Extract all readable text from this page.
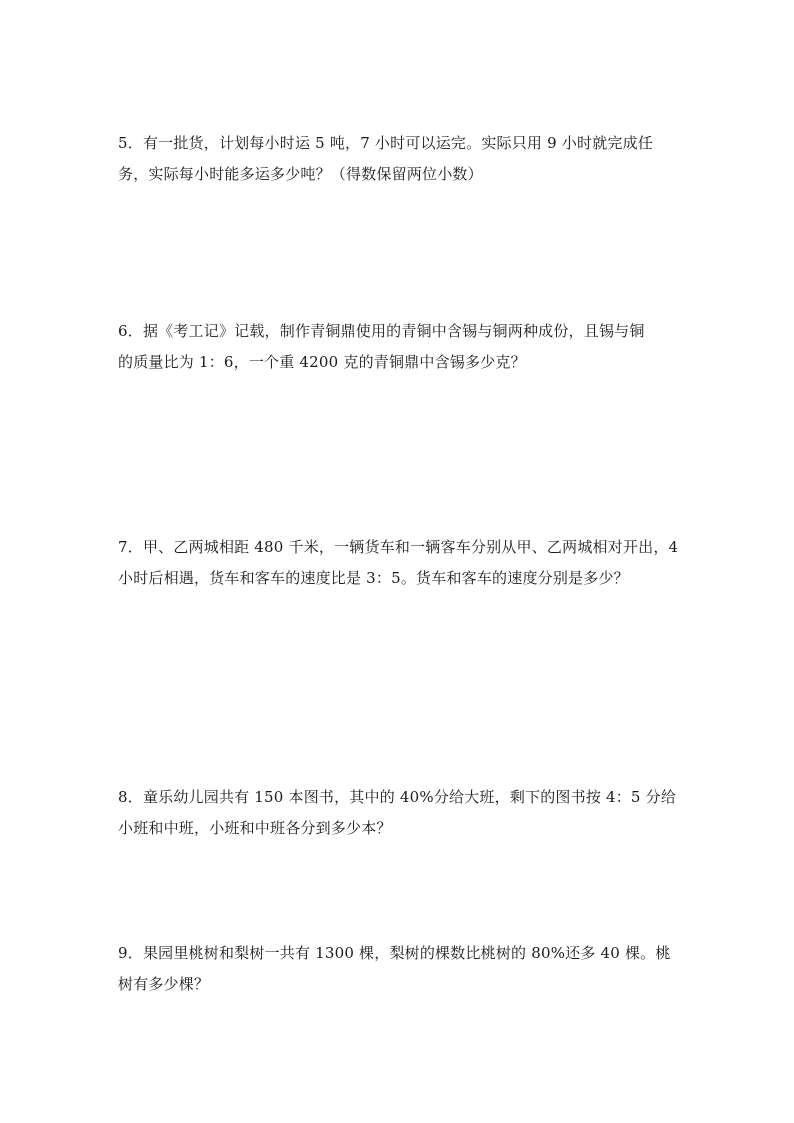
5．有一批货，计划每小时运 5 吨，7 小时可以运完。实际只用 9 小时就完成任
务，实际每小时能多运多少吨？（得数保留两位小数）
6．据《考工记》记载，制作青铜鼎使用的青铜中含锡与铜两种成份，且锡与铜
的质量比为 1：6，一个重 4200 克的青铜鼎中含锡多少克？
7．甲、乙两城相距 480 千米，一辆货车和一辆客车分别从甲、乙两城相对开出，4
小时后相遇，货车和客车的速度比是 3：5。货车和客车的速度分别是多少？
8．童乐幼儿园共有 150 本图书，其中的 40%分给大班，剩下的图书按 4：5 分给
小班和中班，小班和中班各分到多少本？
9．果园里桃树和梨树一共有 1300 棵，梨树的棵数比桃树的 80%还多 40 棵。桃
树有多少棵？
